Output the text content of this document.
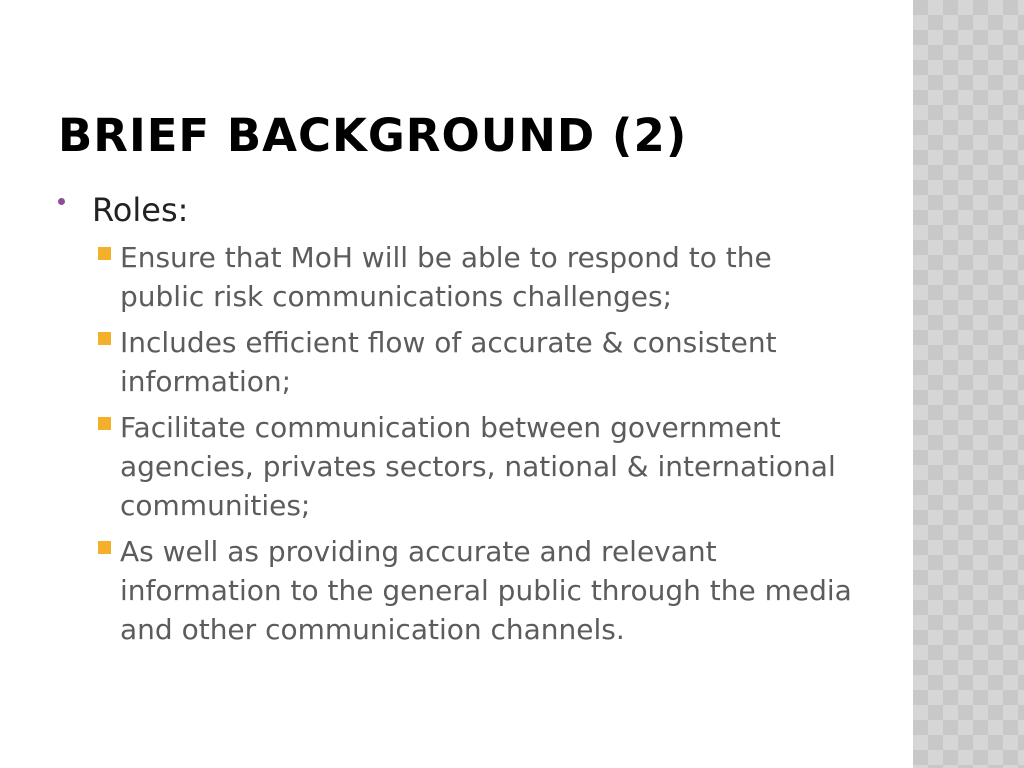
BRIEF BACKGROUND (2)
Roles:
Ensure that MoH will be able to respond to the public risk communications challenges;
Includes efficient flow of accurate & consistent information;
Facilitate communication between government agencies, privates sectors, national & international communities;
As well as providing accurate and relevant information to the general public through the media and other communication channels.
